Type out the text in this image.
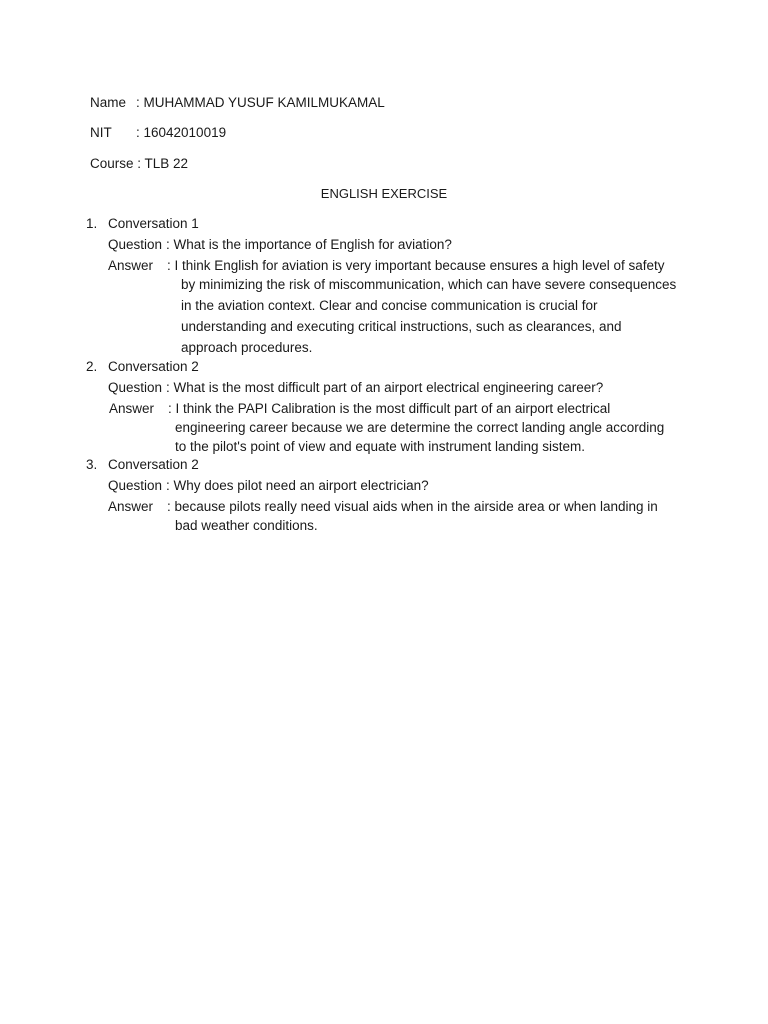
Name : MUHAMMAD YUSUF KAMILMUKAMAL
NIT : 16042010019
Course : TLB 22
ENGLISH EXERCISE
1. Conversation 1
Question : What is the importance of English for aviation?
Answer : I think English for aviation is very important because ensures a high level of safety
by minimizing the risk of miscommunication, which can have severe consequences
in the aviation context. Clear and concise communication is crucial for
understanding and executing critical instructions, such as clearances, and
approach procedures.
2. Conversation 2
Question : What is the most difficult part of an airport electrical engineering career?
Answer : I think the PAPI Calibration is the most difficult part of an airport electrical
engineering career because we are determine the correct landing angle according
to the pilot's point of view and equate with instrument landing sistem.
3. Conversation 2
Question : Why does pilot need an airport electrician?
Answer : because pilots really need visual aids when in the airside area or when landing in
bad weather conditions.
